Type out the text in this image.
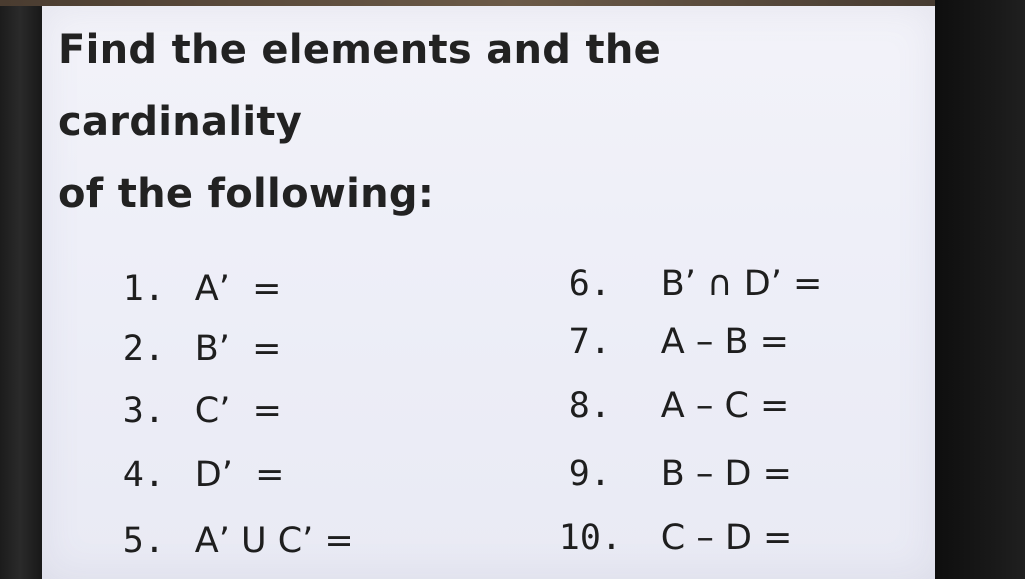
Find the elements and the cardinality
of the following:

1. A’  =

2. B’  =

3. C’  =

4. D’  =

5. A’ U C’ =

6. B’ ∩ D’ =

7. A – B =

8. A – C =

9. B – D =

10. C – D =
